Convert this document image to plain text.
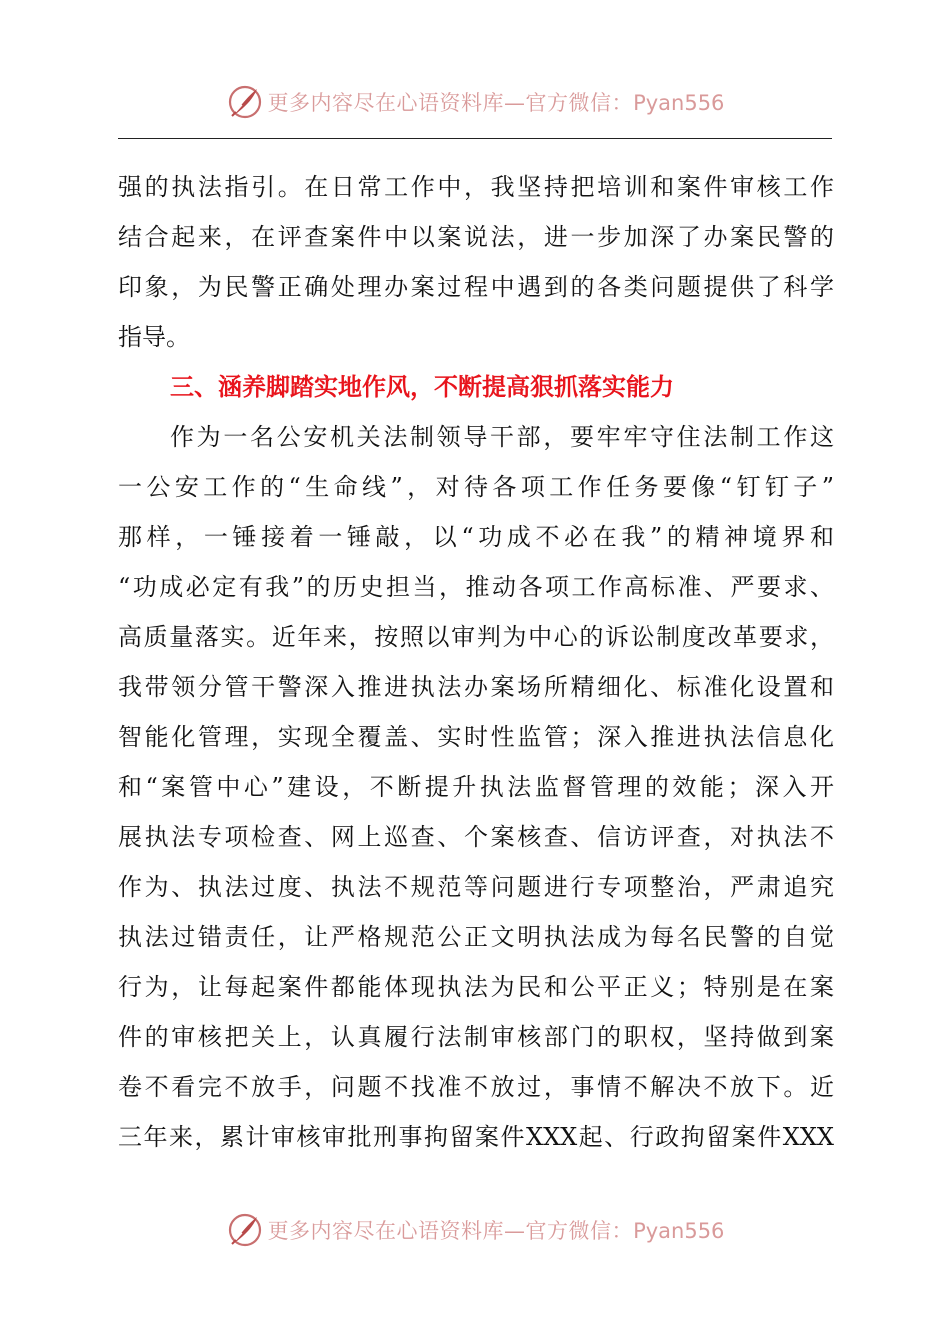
更多内容尽在心语资料库—官方微信：Pyan556
强的执法指引。在日常工作中，我坚持把培训和案件审核工作
结合起来，在评查案件中以案说法，进一步加深了办案民警的
印象，为民警正确处理办案过程中遇到的各类问题提供了科学
指导。
三、涵养脚踏实地作风，不断提高狠抓落实能力
作为一名公安机关法制领导干部，要牢牢守住法制工作这
一公安工作的“生命线”，对待各项工作任务要像“钉钉子”
那样，一锤接着一锤敲，以“功成不必在我”的精神境界和
“功成必定有我”的历史担当，推动各项工作高标准、严要求、
高质量落实。近年来，按照以审判为中心的诉讼制度改革要求，
我带领分管干警深入推进执法办案场所精细化、标准化设置和
智能化管理，实现全覆盖、实时性监管；深入推进执法信息化
和“案管中心”建设，不断提升执法监督管理的效能；深入开
展执法专项检查、网上巡查、个案核查、信访评查，对执法不
作为、执法过度、执法不规范等问题进行专项整治，严肃追究
执法过错责任，让严格规范公正文明执法成为每名民警的自觉
行为，让每起案件都能体现执法为民和公平正义；特别是在案
件的审核把关上，认真履行法制审核部门的职权，坚持做到案
卷不看完不放手，问题不找准不放过，事情不解决不放下。近
三年来，累计审核审批刑事拘留案件XXX起、行政拘留案件XXX
更多内容尽在心语资料库—官方微信：Pyan556
